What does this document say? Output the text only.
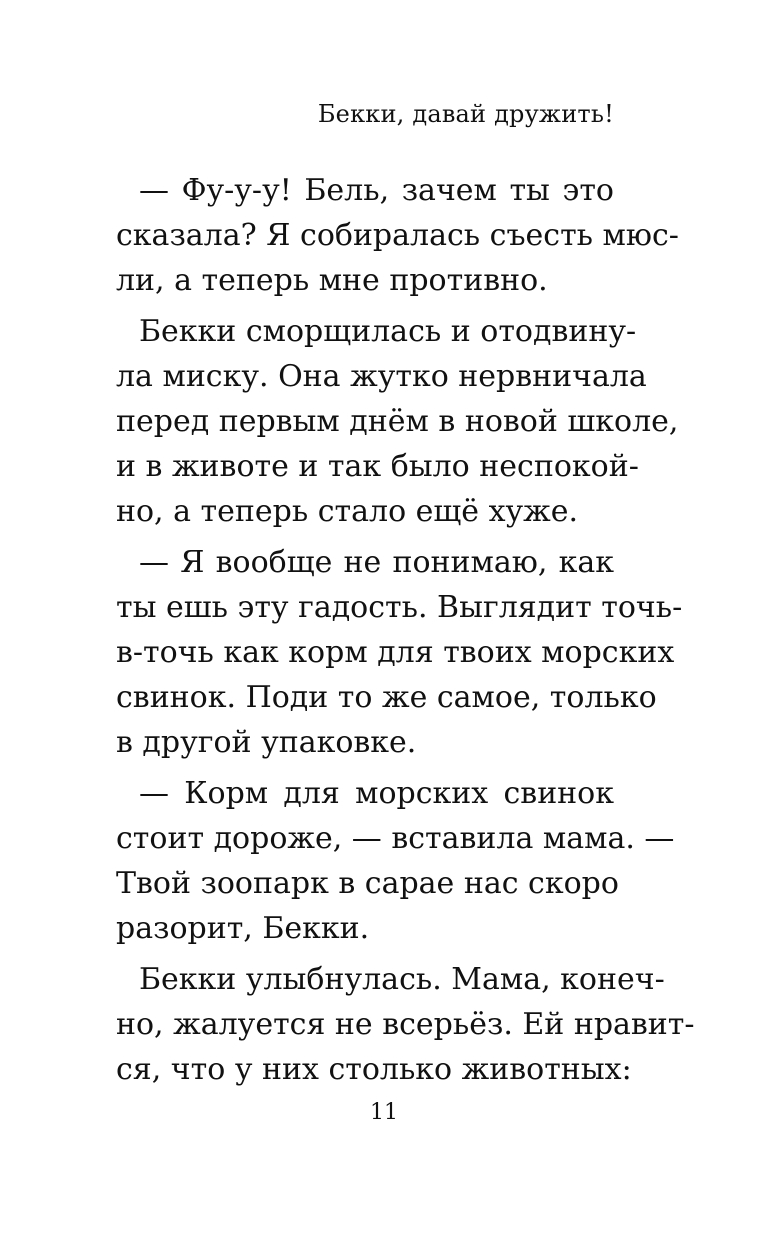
Бекки, давай дружить!
— Фу-у-у! Бель, зачем ты это
сказала? Я собиралась съесть мюс-
ли, а теперь мне противно.
Бекки сморщилась и отодвину-
ла миску. Она жутко нервничала
перед первым днём в новой школе,
и в животе и так было неспокой-
но, а теперь стало ещё хуже.
— Я вообще не понимаю, как
ты ешь эту гадость. Выглядит точь-
в-точь как корм для твоих морских
свинок. Поди то же самое, только
в другой упаковке.
— Корм для морских свинок
стоит дороже, — вставила мама. —
Твой зоопарк в сарае нас скоро
разорит, Бекки.
Бекки улыбнулась. Мама, конеч-
но, жалуется не всерьёз. Ей нравит-
ся, что у них столько животных:
11
